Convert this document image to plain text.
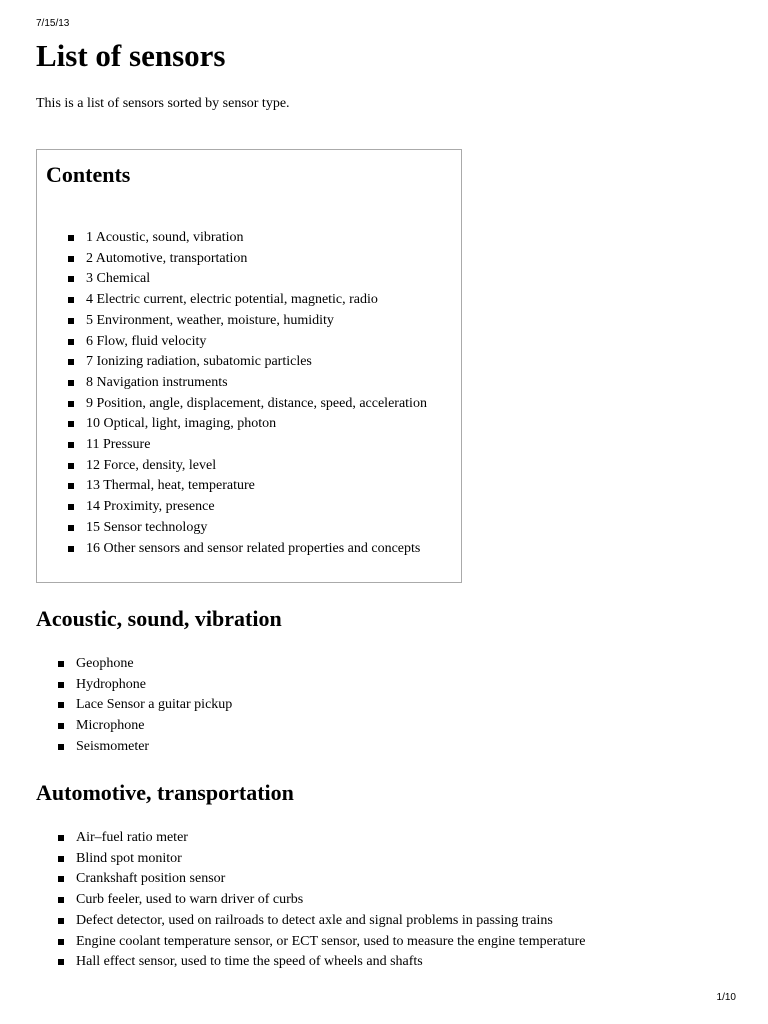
7/15/13
List of sensors

This is a list of sensors sorted by sensor type.

Contents
1 Acoustic, sound, vibration
2 Automotive, transportation
3 Chemical
4 Electric current, electric potential, magnetic, radio
5 Environment, weather, moisture, humidity
6 Flow, fluid velocity
7 Ionizing radiation, subatomic particles
8 Navigation instruments
9 Position, angle, displacement, distance, speed, acceleration
10 Optical, light, imaging, photon
11 Pressure
12 Force, density, level
13 Thermal, heat, temperature
14 Proximity, presence
15 Sensor technology
16 Other sensors and sensor related properties and concepts
Acoustic, sound, vibration
Geophone
Hydrophone
Lace Sensor a guitar pickup
Microphone
Seismometer
Automotive, transportation
Air–fuel ratio meter
Blind spot monitor
Crankshaft position sensor
Curb feeler, used to warn driver of curbs
Defect detector, used on railroads to detect axle and signal problems in passing trains
Engine coolant temperature sensor, or ECT sensor, used to measure the engine temperature
Hall effect sensor, used to time the speed of wheels and shafts
1/10
